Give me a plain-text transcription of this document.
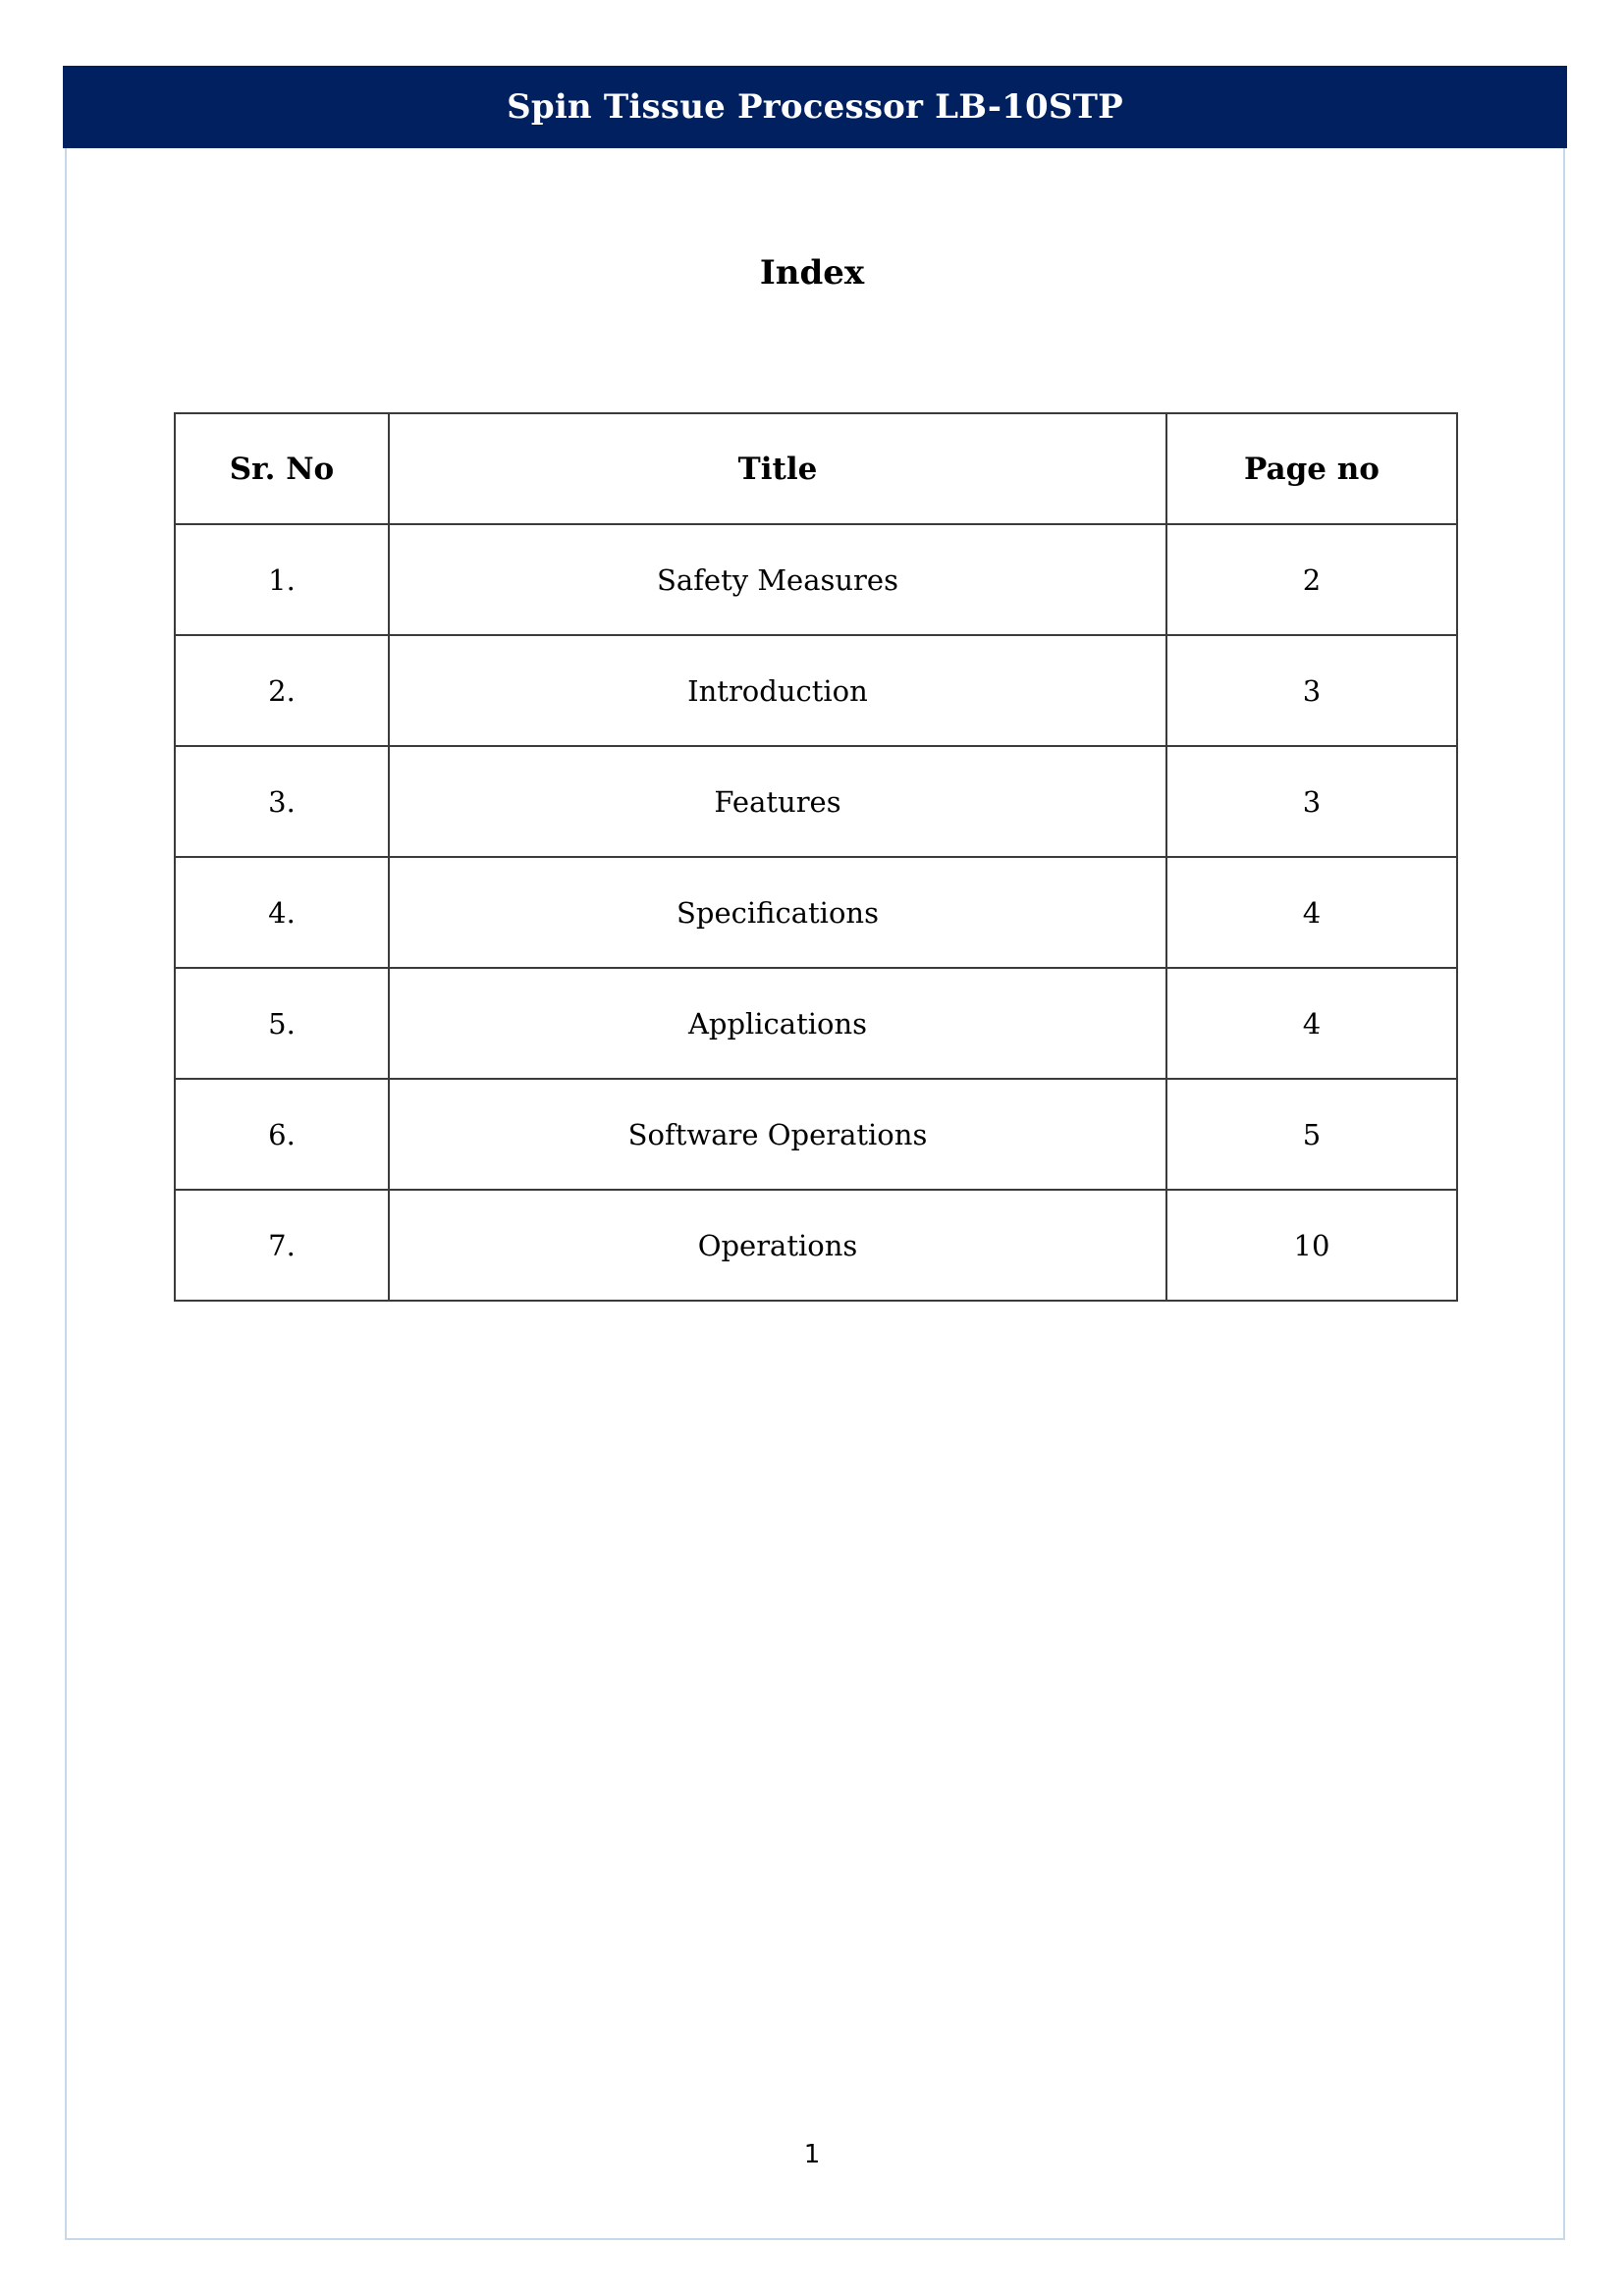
Spin Tissue Processor LB-10STP
Index
Sr. No	Title	Page no
1.	Safety Measures	2
2.	Introduction	3
3.	Features	3
4.	Specifications	4
5.	Applications	4
6.	Software Operations	5
7.	Operations	10
1
